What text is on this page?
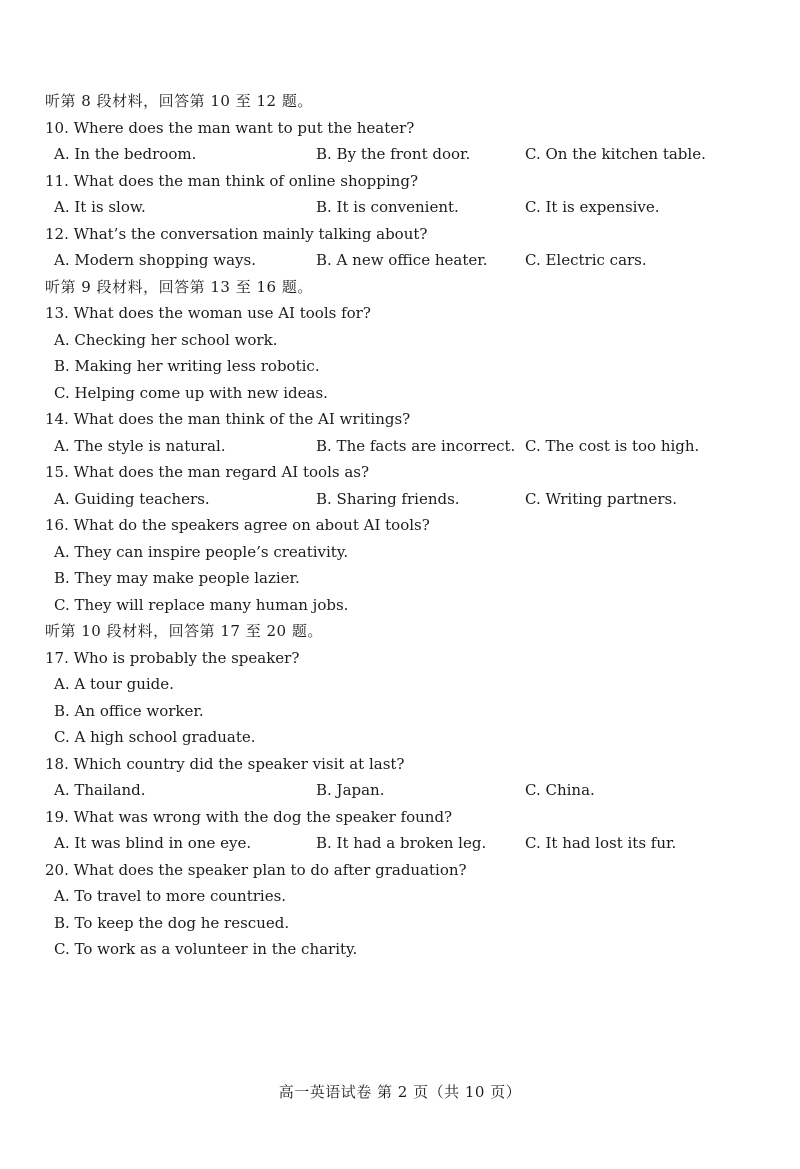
听第 8 段材料，回答第 10 至 12 题。
10. Where does the man want to put the heater?
A. In the bedroom.	B. By the front door.	C. On the kitchen table.
11. What does the man think of online shopping?
A. It is slow.	B. It is convenient.	C. It is expensive.
12. What’s the conversation mainly talking about?
A. Modern shopping ways.	B. A new office heater. C. Electric cars.
听第 9 段材料，回答第 13 至 16 题。
13. What does the woman use AI tools for?
A. Checking her school work.
B. Making her writing less robotic.
C. Helping come up with new ideas.
14. What does the man think of the AI writings?
A. The style is natural.	B. The facts are incorrect. C. The cost is too high.
15. What does the man regard AI tools as?
A. Guiding teachers.	B. Sharing friends.	C. Writing partners.
16. What do the speakers agree on about AI tools?
A. They can inspire people’s creativity.
B. They may make people lazier.
C. They will replace many human jobs.
听第 10 段材料，回答第 17 至 20 题。
17. Who is probably the speaker?
A. A tour guide.
B. An office worker.
C. A high school graduate.
18. Which country did the speaker visit at last?
A. Thailand.	B. Japan.	C. China.
19. What was wrong with the dog the speaker found?
A. It was blind in one eye.	B. It had a broken leg.	C. It had lost its fur.
20. What does the speaker plan to do after graduation?
A. To travel to more countries.
B. To keep the dog he rescued.
C. To work as a volunteer in the charity.
高一英语试卷 第 2 页（共 10 页）
